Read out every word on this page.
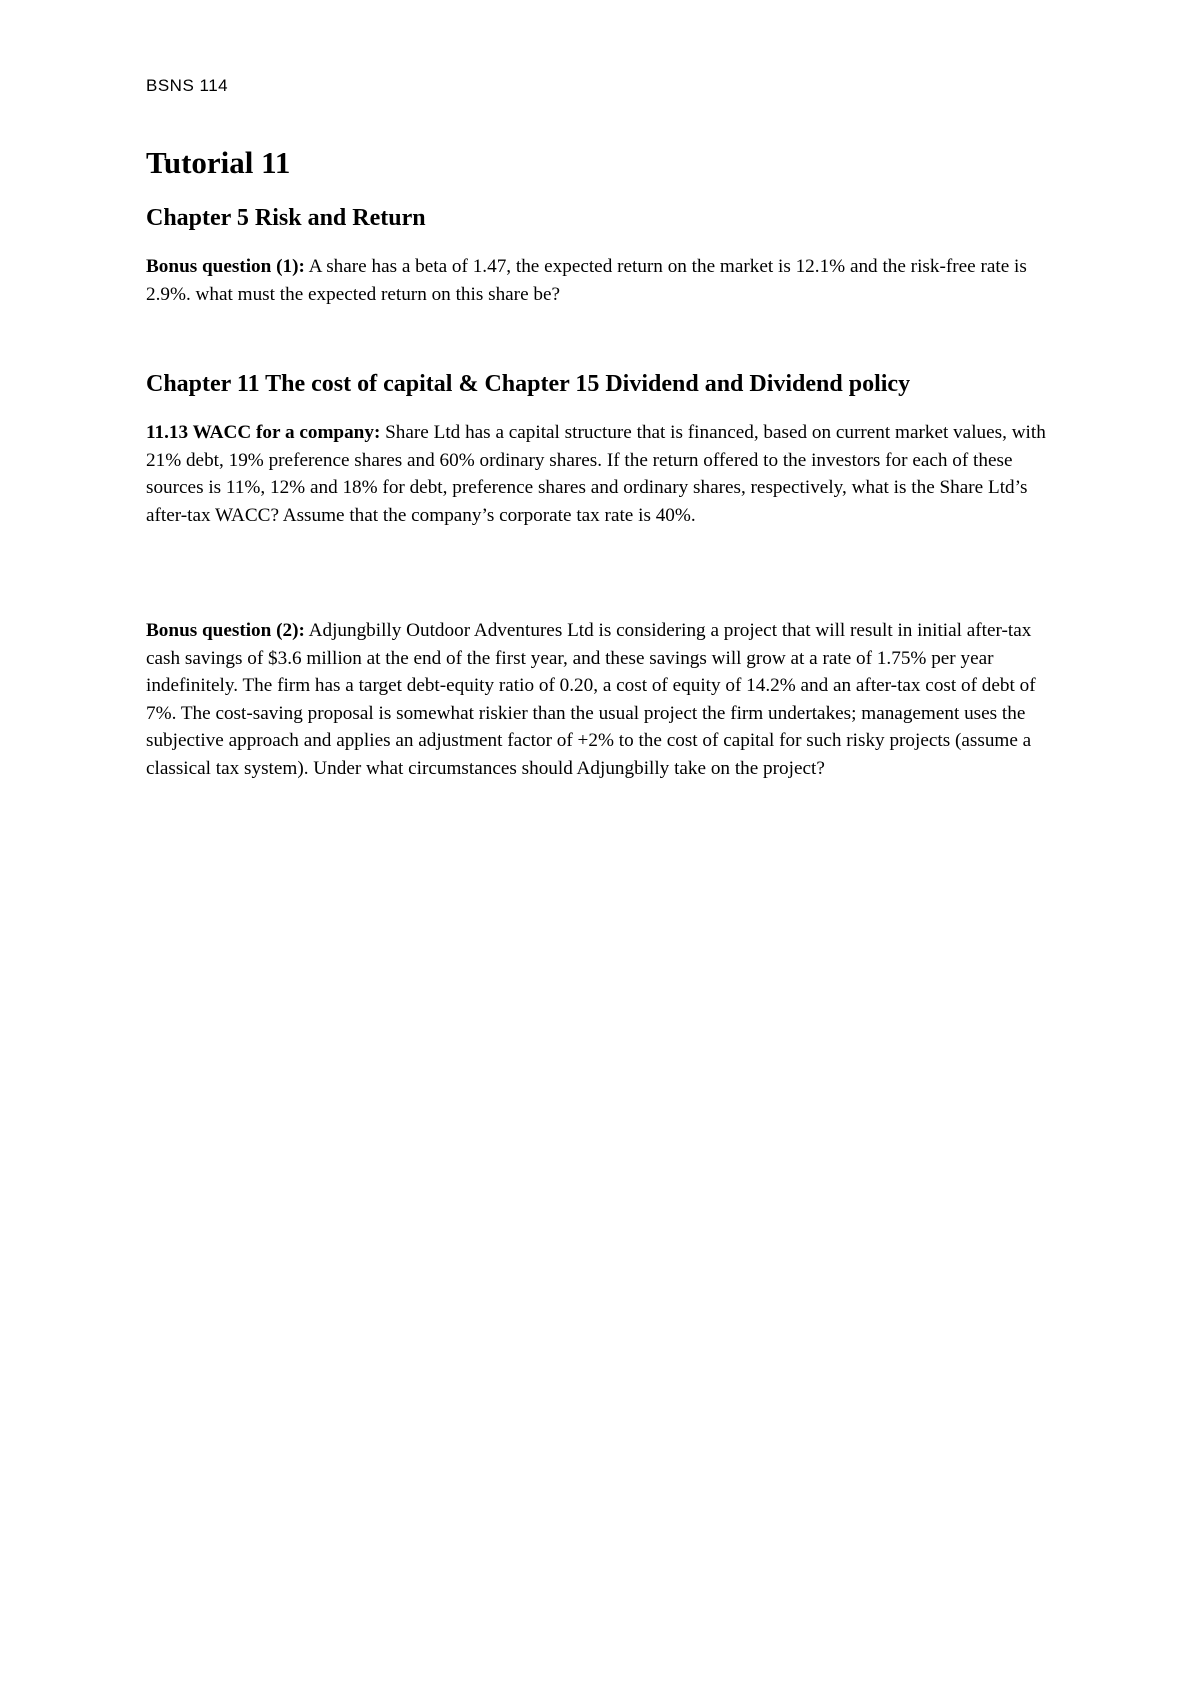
BSNS 114
Tutorial 11
Chapter 5 Risk and Return

Bonus question (1): A share has a beta of 1.47, the expected return on the market is 12.1% and the risk-free rate is 2.9%. what must the expected return on this share be?

Chapter 11 The cost of capital & Chapter 15 Dividend and Dividend policy

11.13 WACC for a company: Share Ltd has a capital structure that is financed, based on current market values, with 21% debt, 19% preference shares and 60% ordinary shares. If the return offered to the investors for each of these sources is 11%, 12% and 18% for debt, preference shares and ordinary shares, respectively, what is the Share Ltd’s after-tax WACC? Assume that the company’s corporate tax rate is 40%.

Bonus question (2): Adjungbilly Outdoor Adventures Ltd is considering a project that will result in initial after-tax cash savings of $3.6 million at the end of the first year, and these savings will grow at a rate of 1.75% per year indefinitely. The firm has a target debt-equity ratio of 0.20, a cost of equity of 14.2% and an after-tax cost of debt of 7%. The cost-saving proposal is somewhat riskier than the usual project the firm undertakes; management uses the subjective approach and applies an adjustment factor of +2% to the cost of capital for such risky projects (assume a classical tax system). Under what circumstances should Adjungbilly take on the project?
